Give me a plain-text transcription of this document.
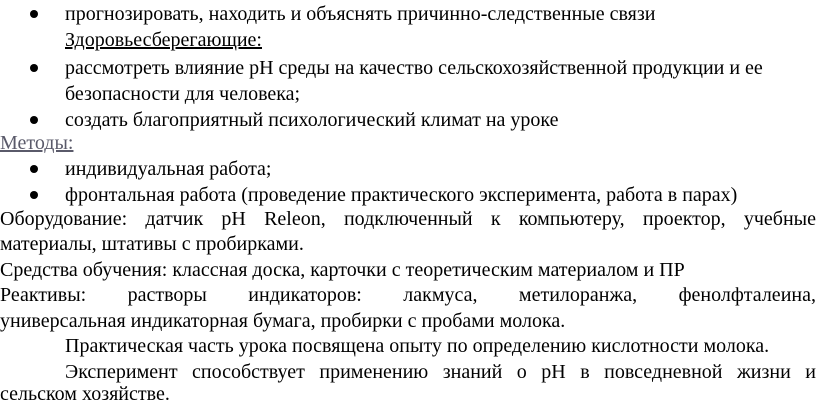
прогнозировать, находить и объяснять причинно-следственные связи
Здоровьесберегающие:
рассмотреть влияние pH среды на качество сельскохозяйственной продукции и ее
безопасности для человека;
создать благоприятный психологический климат на уроке
Методы:
индивидуальная работа;
фронтальная работа (проведение практического эксперимента, работа в парах)
Оборудование: датчик pH Releon, подключенный к компьютеру, проектор, учебные
материалы, штативы с пробирками.
Средства обучения: классная доска, карточки с теоретическим материалом и ПР
Реактивы: растворы индикаторов: лакмуса, метилоранжа, фенолфталеина,
универсальная индикаторная бумага, пробирки с пробами молока.
Практическая часть урока посвящена опыту по определению кислотности молока.
Эксперимент способствует применению знаний о pH в повседневной жизни и
сельском хозяйстве.
